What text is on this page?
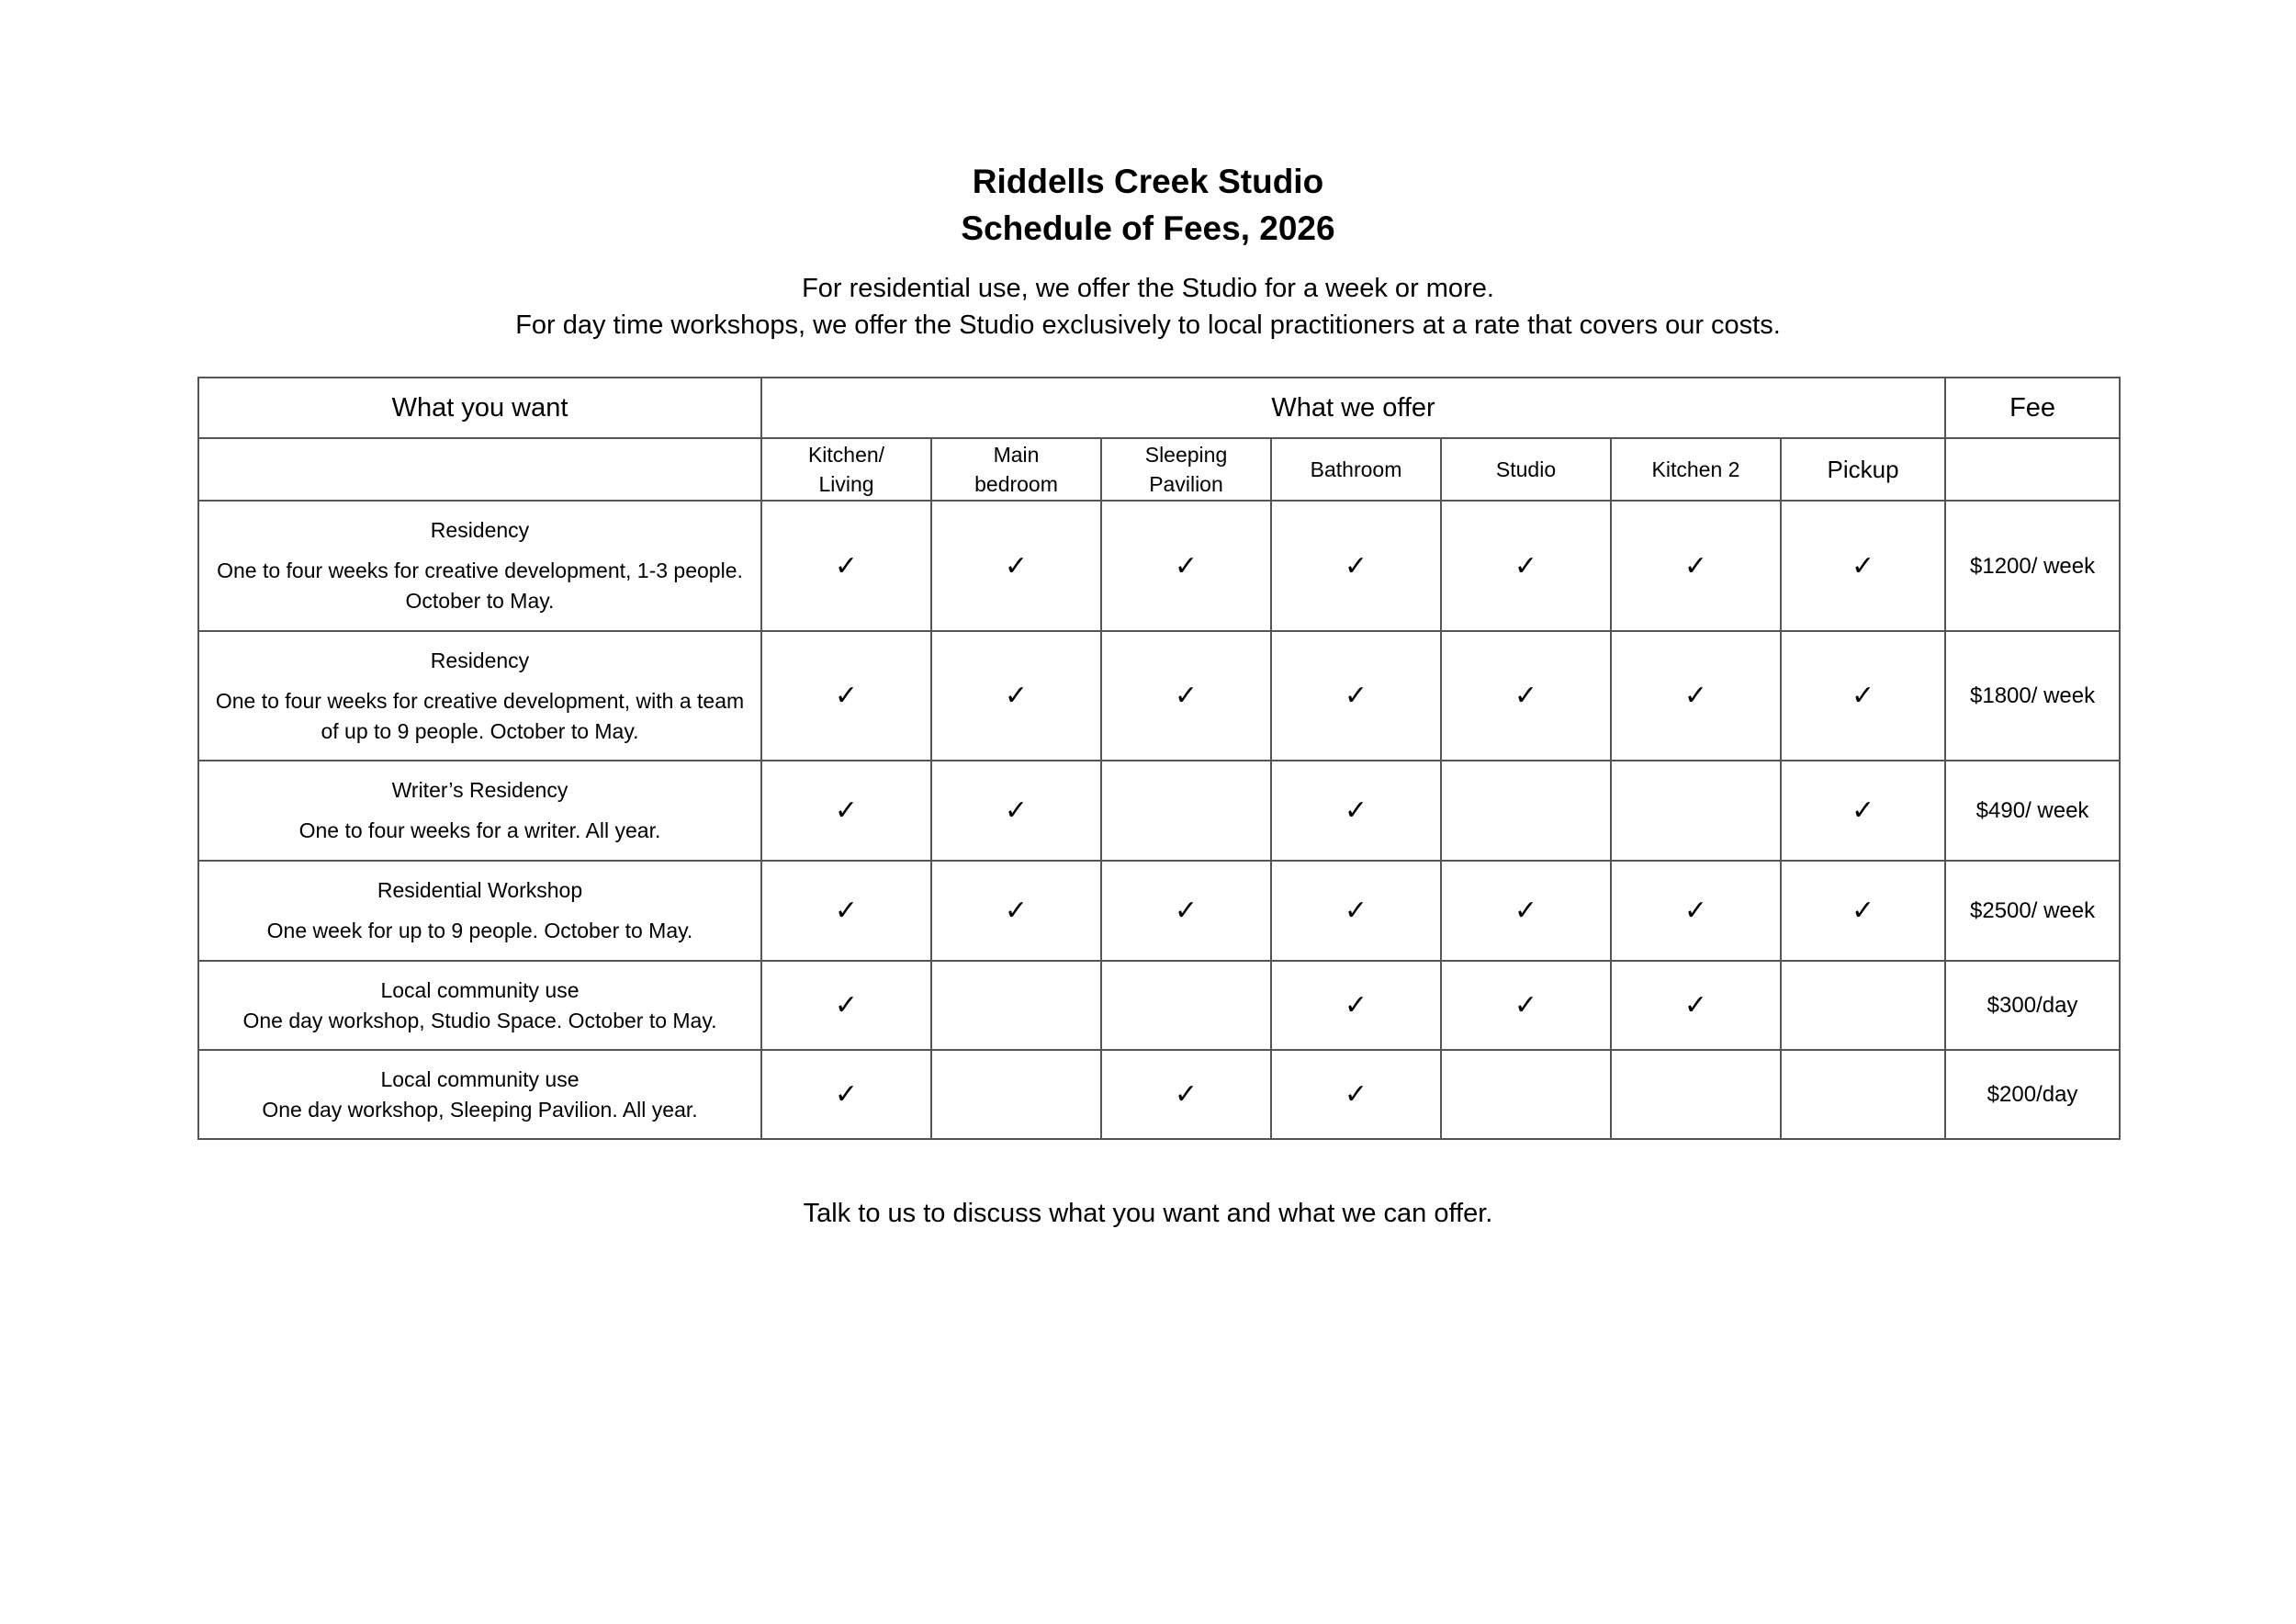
Riddells Creek Studio

Schedule of Fees, 2026

For residential use, we offer the Studio for a week or more.
For day time workshops, we offer the Studio exclusively to local practitioners at a rate that covers our costs.
What you want	What we offer							Fee
	Kitchen/
Living	Main
bedroom	Sleeping
Pavilion	Bathroom	Studio	Kitchen 2	Pickup	

Residency
One to four weeks for creative development, 1-3 people. October to May.	✓	✓	✓	✓	✓	✓	✓	$1200/ week

Residency
One to four weeks for creative development, with a team of up to 9 people. October to May.	✓	✓	✓	✓	✓	✓	✓	$1800/ week

Writer’s Residency
One to four weeks for a writer. All year.	✓	✓		✓			✓	$490/ week

Residential Workshop
One week for up to 9 people. October to May.	✓	✓	✓	✓	✓	✓	✓	$2500/ week

Local community use
One day workshop, Studio Space. October to May.	✓			✓	✓	✓		$300/day

Local community use
One day workshop, Sleeping Pavilion. All year.	✓		✓	✓				$200/day
Talk to us to discuss what you want and what we can offer.
